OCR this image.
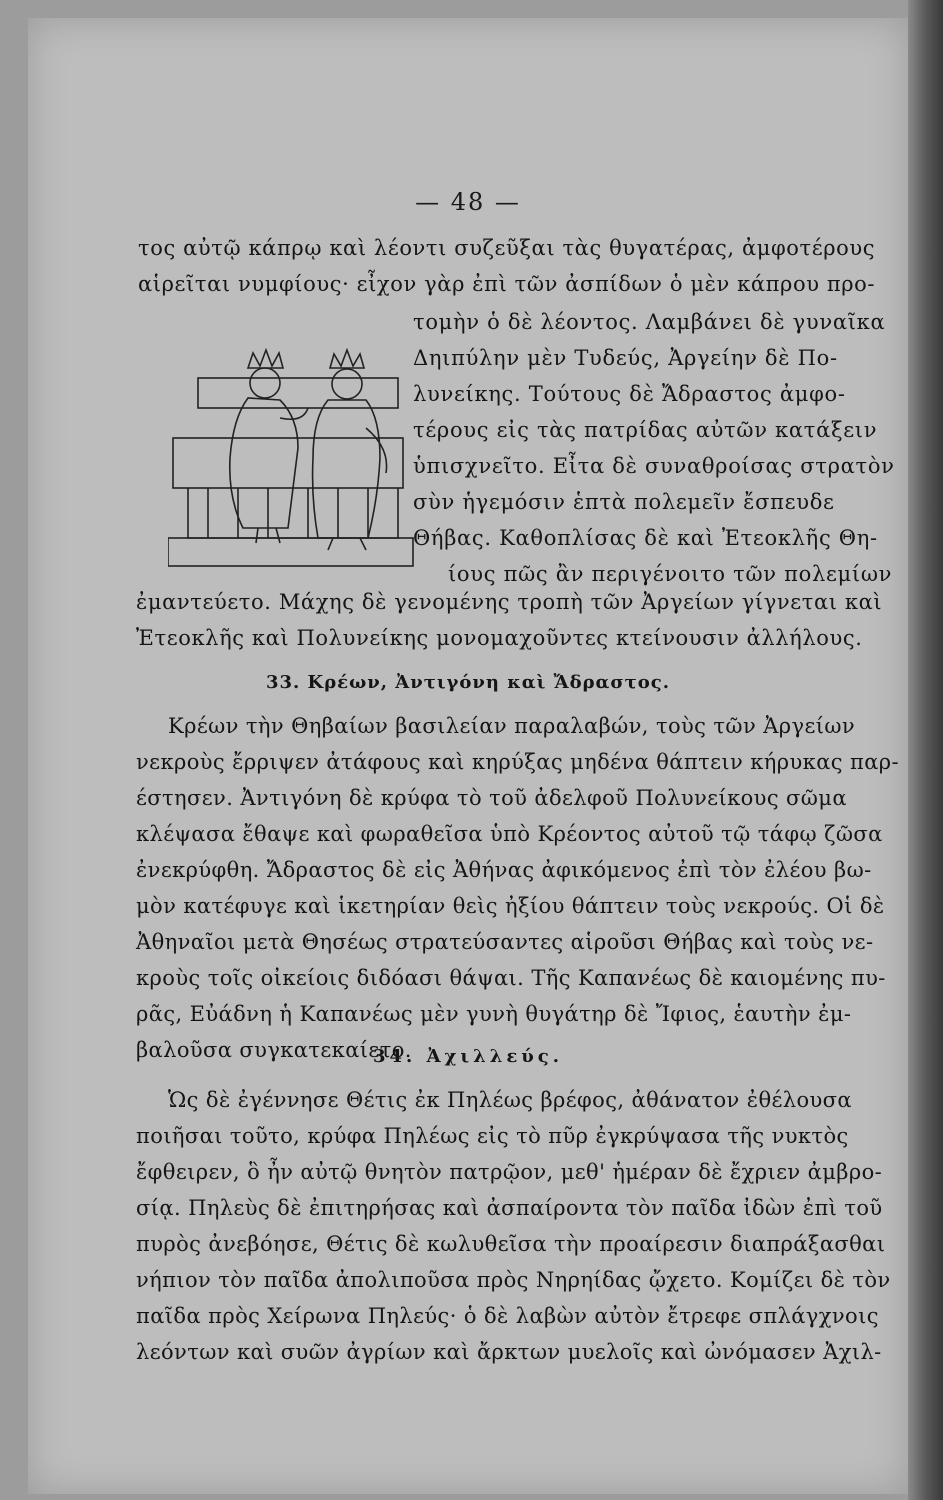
— 48 —
τος αὐτῷ κάπρῳ καὶ λέοντι συζεῦξαι τὰς θυγατέρας, ἀμφοτέρους
αἱρεῖται νυμφίους· εἶχον γὰρ ἐπὶ τῶν ἀσπίδων ὁ μὲν κάπρου προ-
τομὴν ὁ δὲ λέοντος. Λαμβάνει δὲ γυναῖκα
Δηιπύλην μὲν Τυδεύς, Ἀργείην δὲ Πο-
λυνείκης. Τούτους δὲ Ἄδραστος ἀμφο-
τέρους εἰς τὰς πατρίδας αὐτῶν κατάξειν
ὑπισχνεῖτο. Εἶτα δὲ συναθροίσας στρατὸν
σὺν ἡγεμόσιν ἑπτὰ πολεμεῖν ἔσπευδε
Θήβας. Καθοπλίσας δὲ καὶ Ἐτεοκλῆς Θη-
ίους πῶς ἂν περιγένοιτο τῶν πολεμίων
ἐμαντεύετο. Μάχης δὲ γενομένης τροπὴ τῶν Ἀργείων γίγνεται καὶ
Ἐτεοκλῆς καὶ Πολυνείκης μονομαχοῦντες κτείνουσιν ἀλλήλους.
33. Κρέων, Ἀντιγόνη καὶ Ἄδραστος.
Κρέων τὴν Θηβαίων βασιλείαν παραλαβών, τοὺς τῶν Ἀργείων
νεκροὺς ἔρριψεν ἀτάφους καὶ κηρύξας μηδένα θάπτειν κήρυκας παρ-
έστησεν. Ἀντιγόνη δὲ κρύφα τὸ τοῦ ἀδελφοῦ Πολυνείκους σῶμα
κλέψασα ἔθαψε καὶ φωραθεῖσα ὑπὸ Κρέοντος αὐτοῦ τῷ τάφῳ ζῶσα
ἐνεκρύφθη. Ἄδραστος δὲ εἰς Ἀθήνας ἀφικόμενος ἐπὶ τὸν ἐλέου βω-
μὸν κατέφυγε καὶ ἱκετηρίαν θεὶς ἠξίου θάπτειν τοὺς νεκρούς. Οἱ δὲ
Ἀθηναῖοι μετὰ Θησέως στρατεύσαντες αἱροῦσι Θήβας καὶ τοὺς νε-
κροὺς τοῖς οἰκείοις διδόασι θάψαι. Τῆς Καπανέως δὲ καιομένης πυ-
ρᾶς, Εὐάδνη ἡ Καπανέως μὲν γυνὴ θυγάτηρ δὲ Ἴφιος, ἑαυτὴν ἐμ-
βαλοῦσα συγκατεκαίετο.
34. Ἀχιλλεύς.
Ὡς δὲ ἐγέννησε Θέτις ἐκ Πηλέως βρέφος, ἀθάνατον ἐθέλουσα
ποιῆσαι τοῦτο, κρύφα Πηλέως εἰς τὸ πῦρ ἐγκρύψασα τῆς νυκτὸς
ἔφθειρεν, ὃ ἦν αὐτῷ θνητὸν πατρῷον, μεθ' ἡμέραν δὲ ἔχριεν ἀμβρο-
σίᾳ. Πηλεὺς δὲ ἐπιτηρήσας καὶ ἀσπαίροντα τὸν παῖδα ἰδὼν ἐπὶ τοῦ
πυρὸς ἀνεβόησε, Θέτις δὲ κωλυθεῖσα τὴν προαίρεσιν διαπράξασθαι
νήπιον τὸν παῖδα ἀπολιποῦσα πρὸς Νηρηίδας ᾤχετο. Κομίζει δὲ τὸν
παῖδα πρὸς Χείρωνα Πηλεύς· ὁ δὲ λαβὼν αὐτὸν ἔτρεφε σπλάγχνοις
λεόντων καὶ συῶν ἀγρίων καὶ ἄρκτων μυελοῖς καὶ ὠνόμασεν Ἀχιλ-
